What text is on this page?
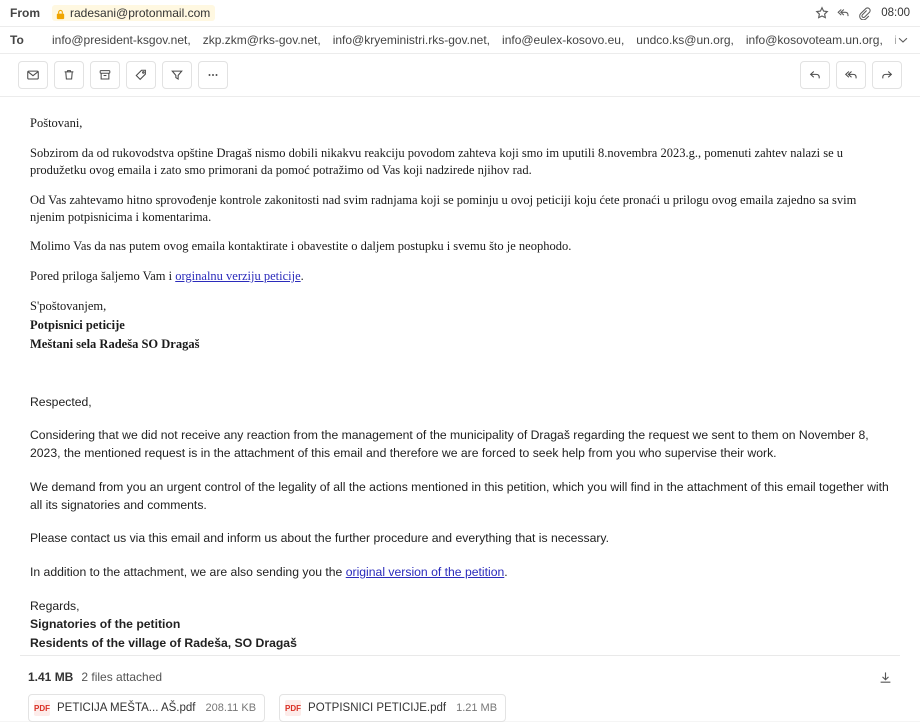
From	radesani@protonmail.com	08:00
To	info@president-ksgov.net, zkp.zkm@rks-gov.net, info@kryeministri.rks-gov.net, info@eulex-kosovo.eu, undco.ks@un.org, info@kosovoteam.un.org,

Poštovani,

Sobzirom da od rukovodstva opštine Dragaš nismo dobili nikakvu reakciju povodom zahteva koji smo im uputili 8.novembra 2023.g., pomenuti zahtev nalazi se u produžetku ovog emaila i zato smo primorani da pomoć potražimo od Vas koji nadzirede njihov rad.

Od Vas zahtevamo hitno sprovođenje kontrole zakonitosti nad svim radnjama koji se pominju u ovoj peticiji koju ćete pronaći u prilogu ovog emaila zajedno sa svim njenim potpisnicima i komentarima.

Molimo Vas da nas putem ovog emaila kontaktirate i obavestite o daljem postupku i svemu što je neophodo.

Pored priloga šaljemo Vam i orginalnu verziju peticije.

S'poštovanjem,

Potpisnici peticije

Meštani sela Radeša SO Dragaš

Respected,

Considering that we did not receive any reaction from the management of the municipality of Dragaš regarding the request we sent to them on November 8, 2023, the mentioned request is in the attachment of this email and therefore we are forced to seek help from you who supervise their work.

We demand from you an urgent control of the legality of all the actions mentioned in this petition, which you will find in the attachment of this email together with all its signatories and comments.

Please contact us via this email and inform us about the further procedure and everything that is necessary.

In addition to the attachment, we are also sending you the original version of the petition.

Regards,

Signatories of the petition

Residents of the village of Radeša, SO Dragaš

1.41 MB 2 files attached
PDF PETICIJA MEŠTA... AŠ.pdf 208.11 KB	PDF POTPISNICI PETICIJE.pdf 1.21 MB
